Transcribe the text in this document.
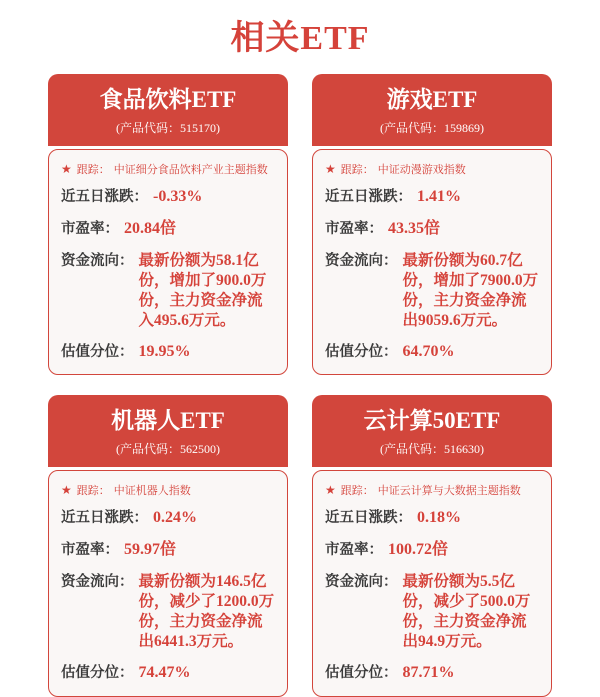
相关ETF
食品饮料ETF
(产品代码：515170)
★ 跟踪： 中证细分食品饮料产业主题指数
近五日涨跌： -0.33%
市盈率： 20.84倍
资金流向： 最新份额为58.1亿份，增加了900.0万份，主力资金净流入495.6万元。
估值分位： 19.95%
游戏ETF
(产品代码：159869)
★ 跟踪： 中证动漫游戏指数
近五日涨跌： 1.41%
市盈率： 43.35倍
资金流向： 最新份额为60.7亿份，增加了7900.0万份，主力资金净流出9059.6万元。
估值分位： 64.70%
机器人ETF
(产品代码：562500)
★ 跟踪： 中证机器人指数
近五日涨跌： 0.24%
市盈率： 59.97倍
资金流向： 最新份额为146.5亿份，减少了1200.0万份，主力资金净流出6441.3万元。
估值分位： 74.47%
云计算50ETF
(产品代码：516630)
★ 跟踪： 中证云计算与大数据主题指数
近五日涨跌： 0.18%
市盈率： 100.72倍
资金流向： 最新份额为5.5亿份，减少了500.0万份，主力资金净流出94.9万元。
估值分位： 87.71%
